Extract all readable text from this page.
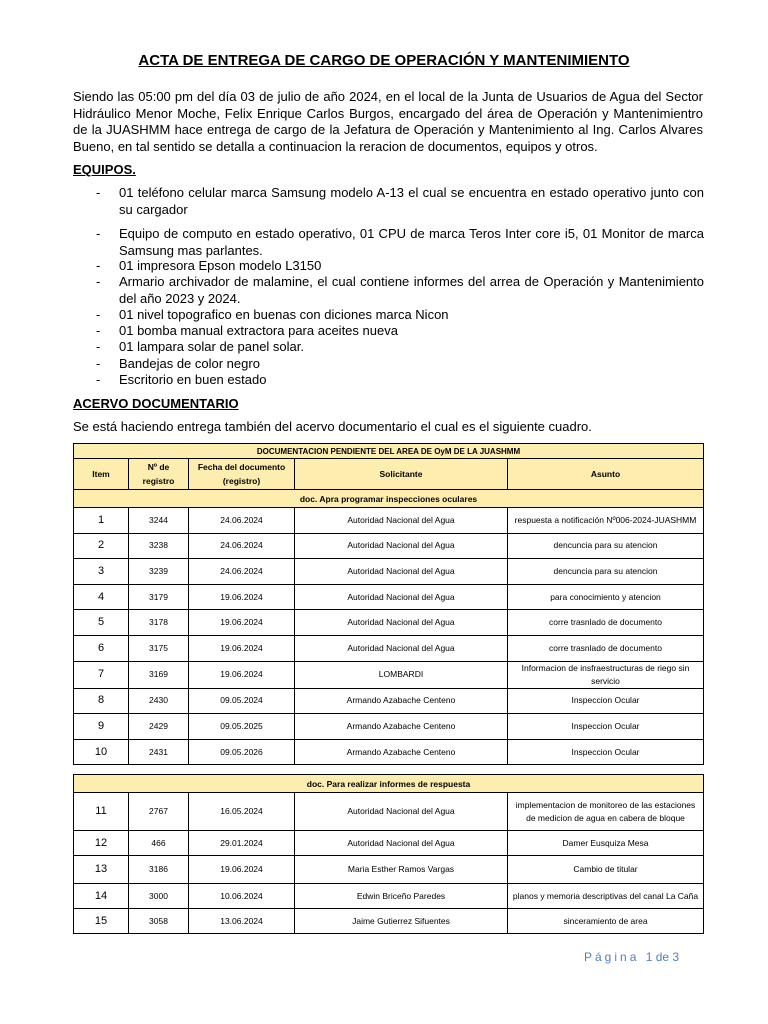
ACTA DE ENTREGA DE CARGO DE OPERACIÓN Y MANTENIMIENTO
Siendo las 05:00 pm del día 03 de julio de año 2024, en el local de la Junta de Usuarios de Agua del Sector Hidráulico Menor Moche, Felix Enrique Carlos Burgos, encargado del área de Operación y Mantenimientro de la JUASHMM hace entrega de cargo de la Jefatura de Operación y Mantenimiento al Ing. Carlos Alvares Bueno, en tal sentido se detalla a continuacion la reracion de documentos, equipos y otros.
EQUIPOS.
- 01 teléfono celular marca Samsung modelo A-13 el cual se encuentra en estado operativo junto con su cargador
- Equipo de computo en estado operativo, 01 CPU de marca Teros Inter core i5, 01 Monitor de marca Samsung mas parlantes.
- 01 impresora Epson modelo L3150
- Armario archivador de malamine, el cual contiene informes del arrea de Operación y Mantenimiento del año 2023 y 2024.
- 01 nivel topografico en buenas con diciones marca Nicon
- 01 bomba manual extractora para aceites nueva
- 01 lampara solar de panel solar.
- Bandejas de color negro
- Escritorio en buen estado
ACERVO DOCUMENTARIO
Se está haciendo entrega también del acervo documentario el cual es el siguiente cuadro.
DOCUMENTACION PENDIENTE DEL AREA DE OyM DE LA JUASHMM				
Item	Nº de registro	Fecha del documento (registro)	Solicitante	Asunto
doc. Apra programar inspecciones oculares				
1	3244	24.06.2024	Autoridad Nacional del Agua	respuesta a notificación Nº006-2024-JUASHMM
2	3238	24.06.2024	Autoridad Nacional del Agua	dencuncia para su atencion
3	3239	24.06.2024	Autoridad Nacional del Agua	dencuncia para su atencion
4	3179	19.06.2024	Autoridad Nacional del Agua	para conocimiento y atencion
5	3178	19.06.2024	Autoridad Nacional del Agua	corre trasnlado de documento
6	3175	19.06.2024	Autoridad Nacional del Agua	corre trasnlado de documento
7	3169	19.06.2024	LOMBARDI	Informacion de insfraestructuras de riego sin servicio
8	2430	09.05.2024	Armando Azabache Centeno	Inspeccion Ocular
9	2429	09.05.2025	Armando Azabache Centeno	Inspeccion Ocular
10	2431	09.05.2026	Armando Azabache Centeno	Inspeccion Ocular
doc. Para realizar informes de respuesta				
11	2767	16.05.2024	Autoridad Nacional del Agua	implementacion de monitoreo de las estaciones de medicion de agua en cabera de bloque
12	466	29.01.2024	Autoridad Nacional del Agua	Damer Eusquiza Mesa
13	3186	19.06.2024	Maria Esther Ramos Vargas	Cambio de titular
14	3000	10.06.2024	Edwin Briceño Paredes	planos y memoria descriptivas del canal La Caña
15	3058	13.06.2024	Jaime Gutierrez Sifuentes	sinceramiento de area
Página 1 de 3
